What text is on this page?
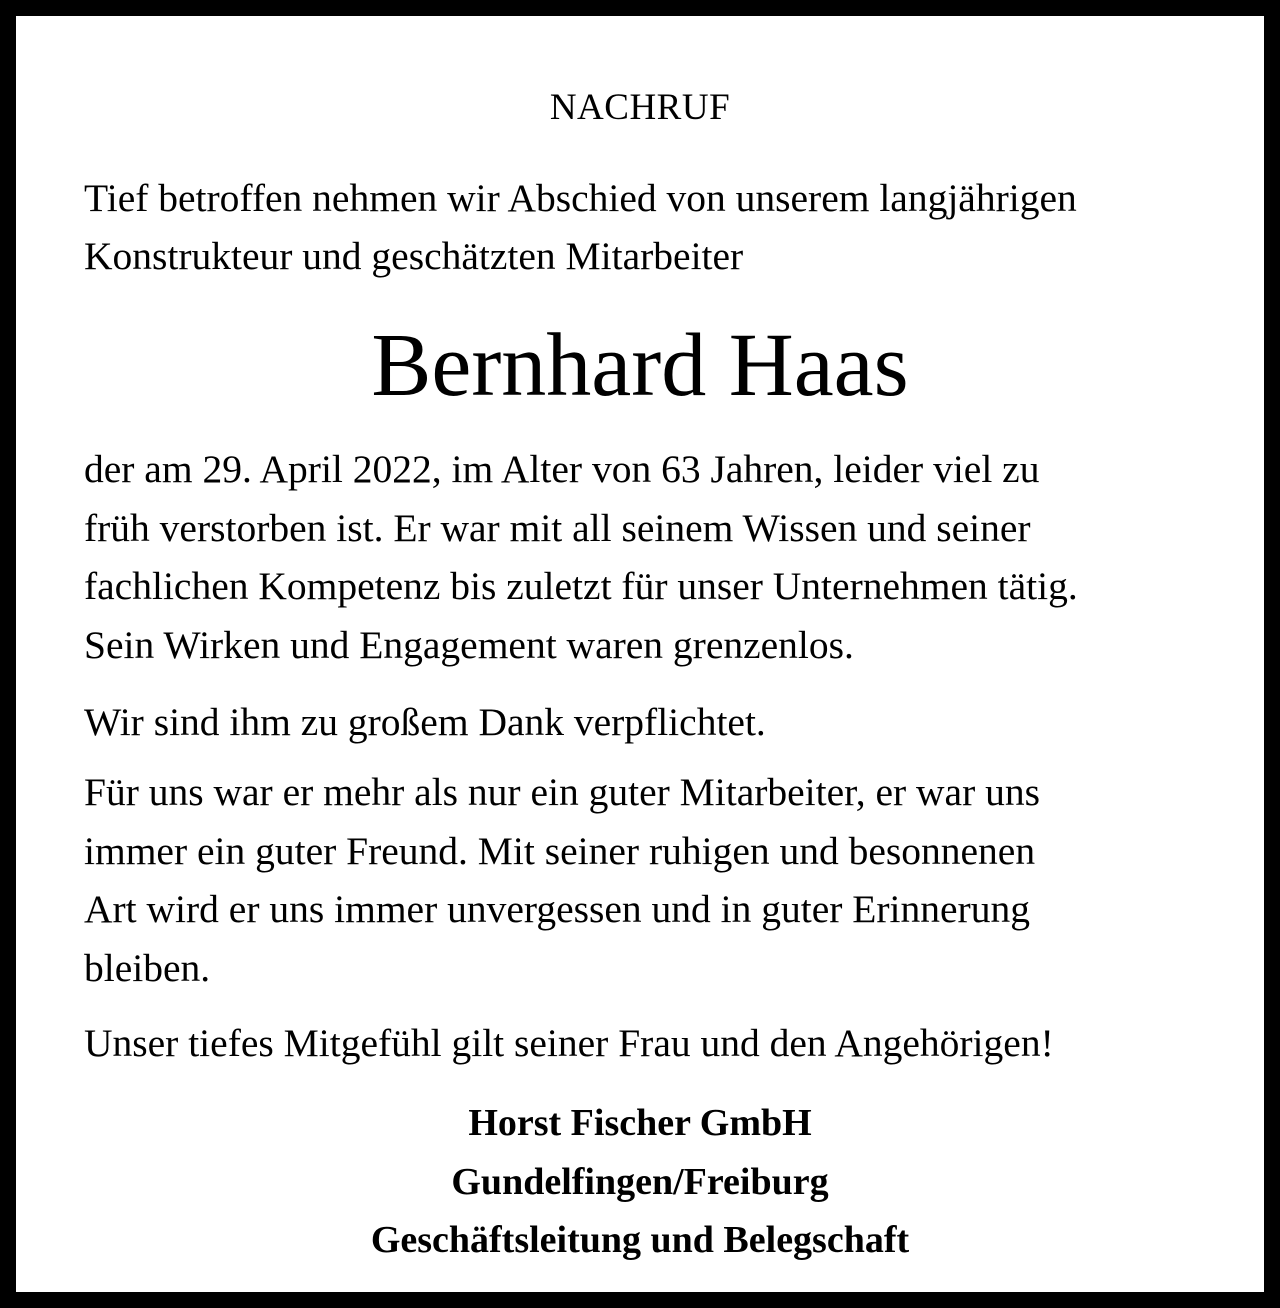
NACHRUF
Tief betroffen nehmen wir Abschied von unserem langjährigen
Konstrukteur und geschätzten Mitarbeiter
Bernhard Haas
der am 29. April 2022, im Alter von 63 Jahren, leider viel zu
früh verstorben ist. Er war mit all seinem Wissen und seiner
fachlichen Kompetenz bis zuletzt für unser Unternehmen tätig.
Sein Wirken und Engagement waren grenzenlos.
Wir sind ihm zu großem Dank verpflichtet.
Für uns war er mehr als nur ein guter Mitarbeiter, er war uns
immer ein guter Freund. Mit seiner ruhigen und besonnenen
Art wird er uns immer unvergessen und in guter Erinnerung
bleiben.
Unser tiefes Mitgefühl gilt seiner Frau und den Angehörigen!
Horst Fischer GmbH
Gundelfingen/Freiburg
Geschäftsleitung und Belegschaft
